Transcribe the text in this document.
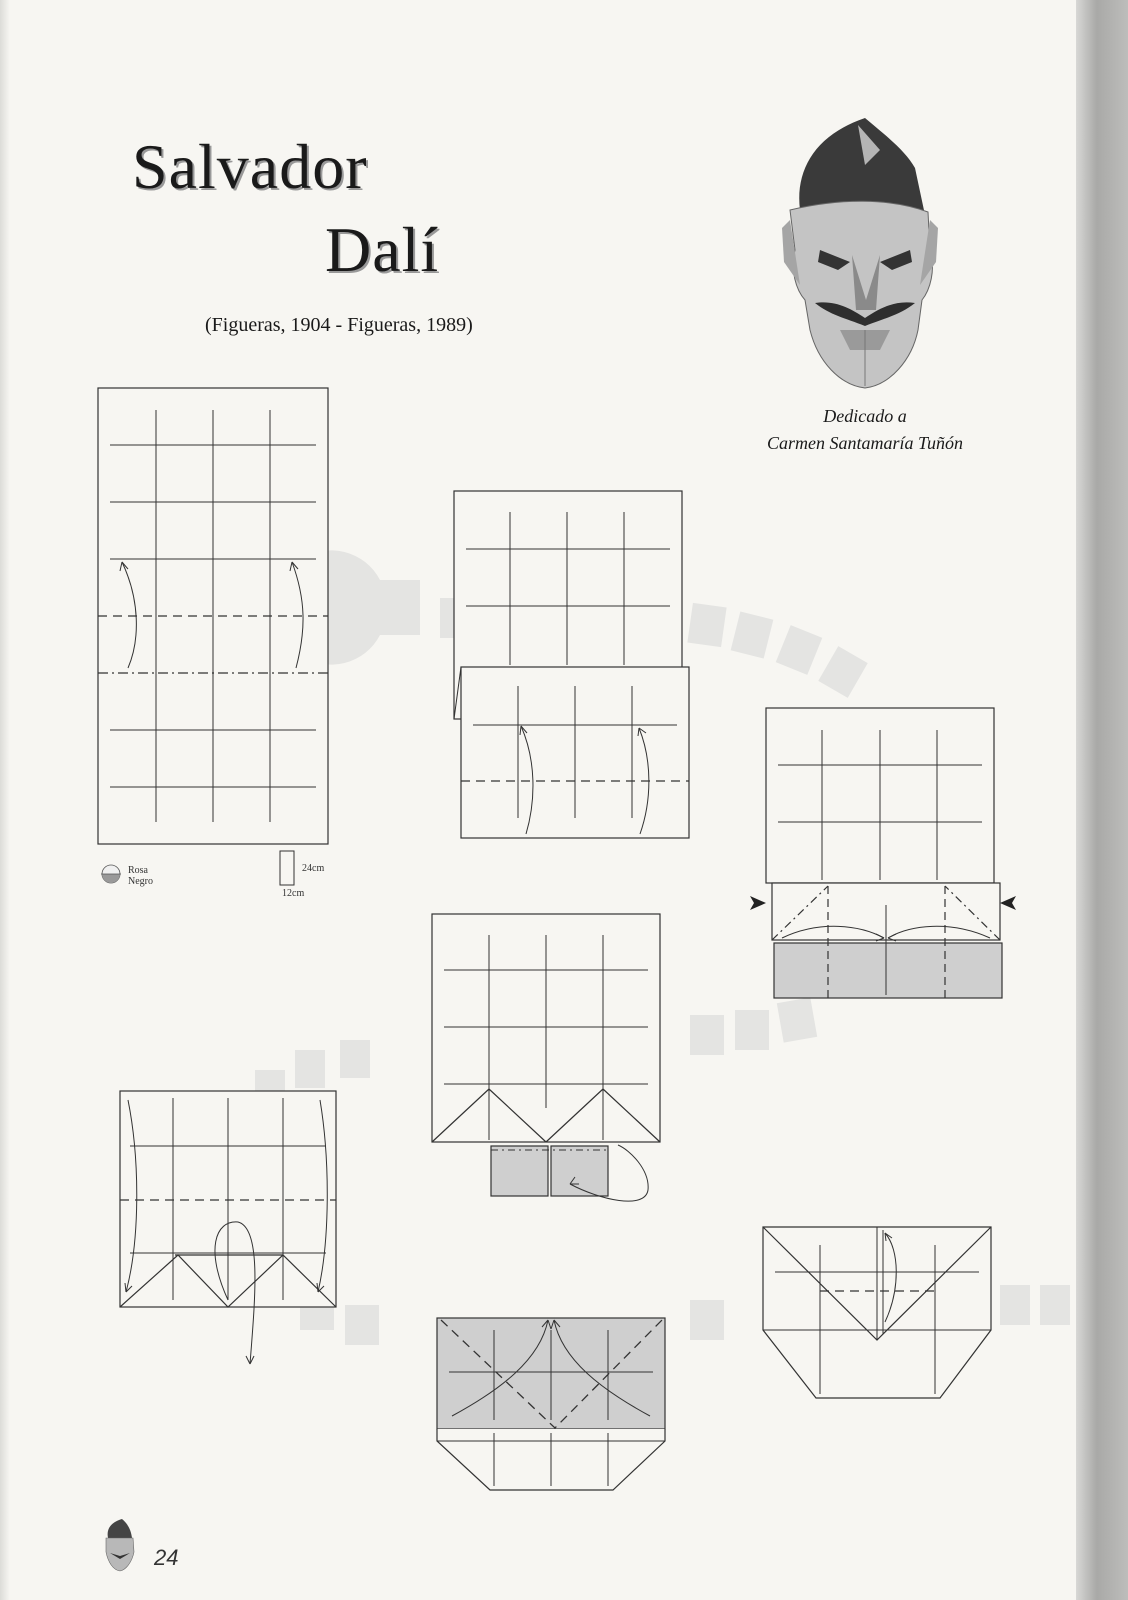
Salvador
Dalí

(Figueras, 1904 - Figueras, 1989)

Dedicado a
Carmen Santamaría Tuñón
Rosa
Negro
24cm
12cm
24
